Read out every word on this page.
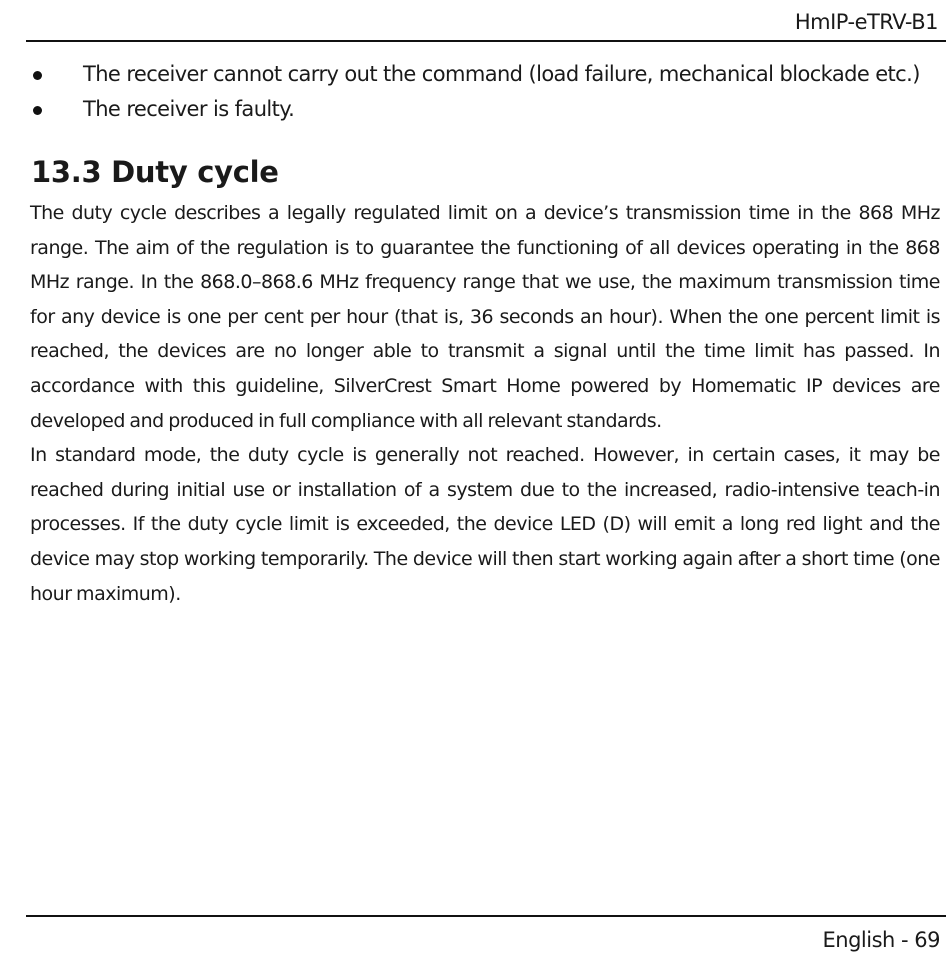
HmIP-eTRV-B1
The receiver cannot carry out the command (load failure, mechanical blockade etc.)
The receiver is faulty.
13.3 Duty cycle

The duty cycle describes a legally regulated limit on a device’s transmission time in the 868 MHz range. The aim of the regulation is to guarantee the functioning of all devices operating in the 868 MHz range. In the 868.0–868.6 MHz frequency range that we use, the maximum transmission time for any device is one per cent per hour (that is, 36 seconds an hour). When the one percent limit is reached, the devices are no longer able to transmit a signal until the time limit has passed. In accordance with this guideline, SilverCrest Smart Home powered by Homematic IP devices are developed and produced in full compliance with all relevant standards.

In standard mode, the duty cycle is generally not reached. However, in certain cases, it may be reached during initial use or installation of a system due to the increased, radio-intensive teach-in processes. If the duty cycle limit is exceeded, the device LED (D) will emit a long red light and the device may stop working temporarily. The device will then start working again after a short time (one hour maximum).

English - 69
